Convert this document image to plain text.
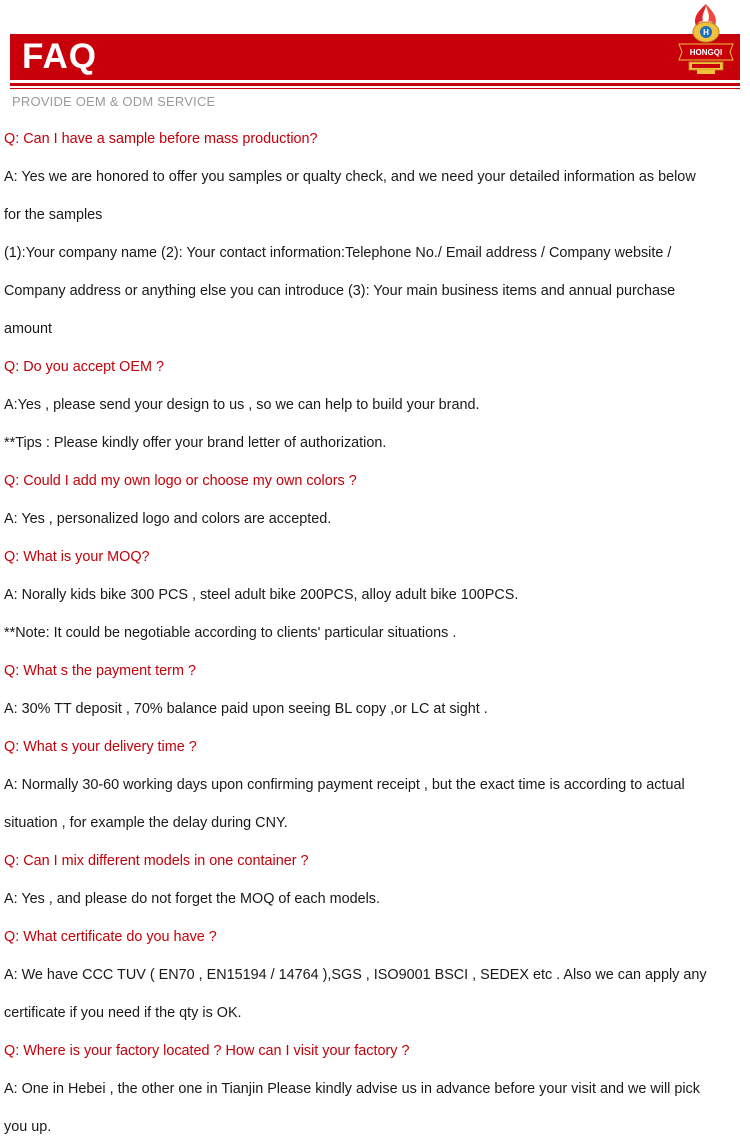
FAQ
H
HONGQI
PROVIDE OEM & ODM SERVICE
Q: Can I have a sample before mass production?
A: Yes we are honored to offer you samples or qualty check, and we need your detailed information as below
for the samples
(1):Your company name (2): Your contact information:Telephone No./ Email address / Company website /
Company address or anything else you can introduce (3): Your main business items and annual purchase
amount
Q: Do you accept OEM ?
A:Yes , please send your design to us , so we can help to build your brand.
**Tips : Please kindly offer your brand letter of authorization.
Q: Could I add my own logo or choose my own colors ?
A: Yes , personalized logo and colors are accepted.
Q: What is your MOQ?
A: Norally kids bike 300 PCS , steel adult bike 200PCS, alloy adult bike 100PCS.
**Note: It could be negotiable according to clients' particular situations .
Q: What s the payment term ?
A: 30% TT deposit , 70% balance paid upon seeing BL copy ,or LC at sight .
Q: What s your delivery time ?
A: Normally 30-60 working days upon confirming payment receipt , but the exact time is according to actual
situation , for example the delay during CNY.
Q: Can I mix different models in one container ?
A: Yes , and please do not forget the MOQ of each models.
Q: What certificate do you have ?
A: We have CCC TUV ( EN70 , EN15194 / 14764 ),SGS , ISO9001 BSCI , SEDEX etc . Also we can apply any
certificate if you need if the qty is OK.
Q: Where is your factory located ? How can I visit your factory ?
A: One in Hebei , the other one in Tianjin Please kindly advise us in advance before your visit and we will pick
you up.
